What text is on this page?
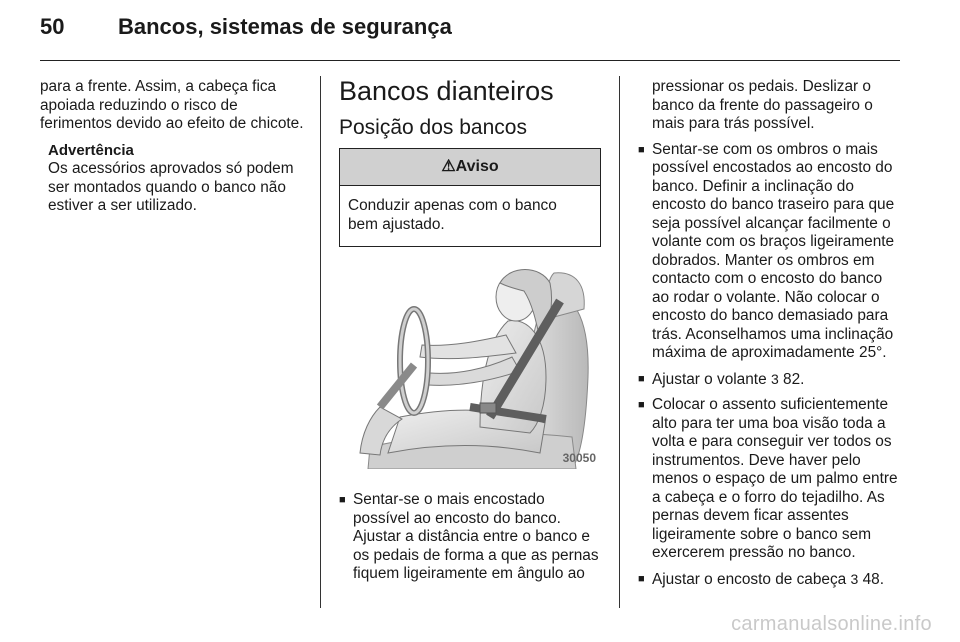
50 Bancos, sistemas de segurança

para a frente. Assim, a cabeça fica apoiada reduzindo o risco de ferimentos devido ao efeito de chicote.

Advertência
Os acessórios aprovados só podem ser montados quando o banco não estiver a ser utilizado.
Bancos dianteiros
Posição dos bancos
⚠Aviso
Conduzir apenas com o banco bem ajustado.
30050
■ Sentar-se o mais encostado possível ao encosto do banco. Ajustar a distância entre o banco e os pedais de forma a que as pernas fiquem ligeiramente em ângulo ao

pressionar os pedais. Deslizar o banco da frente do passageiro o mais para trás possível.

■ Sentar-se com os ombros o mais possível encostados ao encosto do banco. Definir a inclinação do encosto do banco traseiro para que seja possível alcançar facilmente o volante com os braços ligeiramente dobrados. Manter os ombros em contacto com o encosto do banco ao rodar o volante. Não colocar o encosto do banco demasiado para trás. Aconselhamos uma inclinação máxima de aproximadamente 25°.
■ Ajustar o volante 3 82.
■ Colocar o assento suficientemente alto para ter uma boa visão toda a volta e para conseguir ver todos os instrumentos. Deve haver pelo menos o espaço de um palmo entre a cabeça e o forro do tejadilho. As pernas devem ficar assentes ligeiramente sobre o banco sem exercerem pressão no banco.
■ Ajustar o encosto de cabeça 3 48.
carmanualsonline.info
